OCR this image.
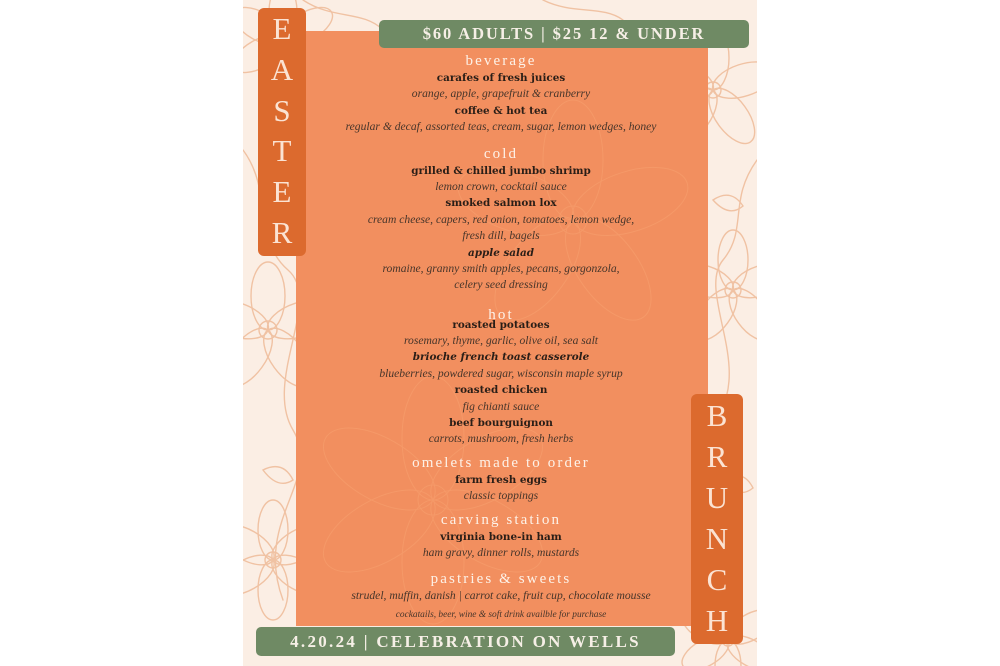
E
A
S
T
E
R
B
R
U
N
C
H
$60 ADULTS | $25 12 & UNDER
beverage
carafes of fresh juices
orange, apple, grapefruit & cranberry
coffee & hot tea
regular & decaf, assorted teas, cream, sugar, lemon wedges, honey
cold
grilled & chilled jumbo shrimp
lemon crown, cocktail sauce
smoked salmon lox
cream cheese, capers, red onion, tomatoes, lemon wedge,
fresh dill, bagels
apple salad
romaine, granny smith apples, pecans, gorgonzola,
celery seed dressing
hot
roasted potatoes
rosemary, thyme, garlic, olive oil, sea salt
brioche french toast casserole
blueberries, powdered sugar, wisconsin maple syrup
roasted chicken
fig chianti sauce
beef bourguignon
carrots, mushroom, fresh herbs
omelets made to order
farm fresh eggs
classic toppings
carving station
virginia bone-in ham
ham gravy, dinner rolls, mustards
pastries & sweets
strudel, muffin, danish | carrot cake, fruit cup, chocolate mousse
cockatails, beer, wine & soft drink availble for purchase
4.20.24 | CELEBRATION ON WELLS
